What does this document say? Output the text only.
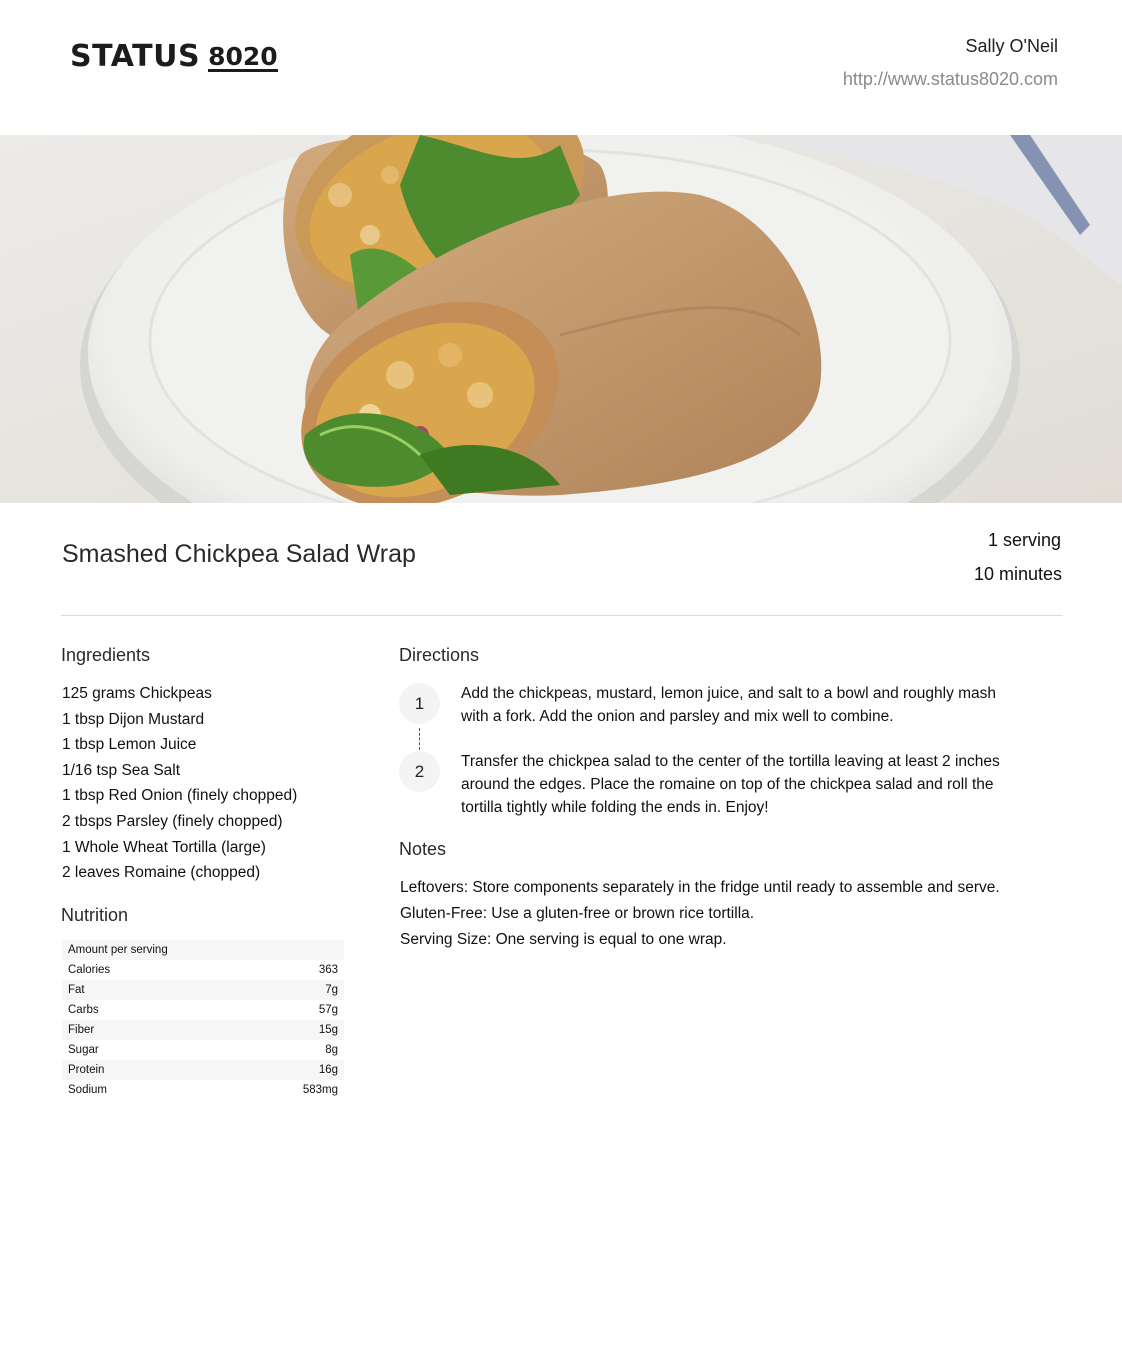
STATUS 8020	Sally O'Neil
http://www.status8020.com
Smashed Chickpea Salad Wrap	1 serving
10 minutes
Ingredients
125 grams Chickpeas
1 tbsp Dijon Mustard
1 tbsp Lemon Juice
1/16 tsp Sea Salt
1 tbsp Red Onion (finely chopped)
2 tbsps Parsley (finely chopped)
1 Whole Wheat Tortilla (large)
2 leaves Romaine (chopped)
Nutrition
Amount per serving
Calories	363
Fat	7g
Carbs	57g
Fiber	15g
Sugar	8g
Protein	16g
Sodium	583mg
Directions
1	Add the chickpeas, mustard, lemon juice, and salt to a bowl and roughly mash
with a fork. Add the onion and parsley and mix well to combine.
2	Transfer the chickpea salad to the center of the tortilla leaving at least 2 inches
around the edges. Place the romaine on top of the chickpea salad and roll the
tortilla tightly while folding the ends in. Enjoy!
Notes
Leftovers: Store components separately in the fridge until ready to assemble and serve.
Gluten-Free: Use a gluten-free or brown rice tortilla.
Serving Size: One serving is equal to one wrap.
